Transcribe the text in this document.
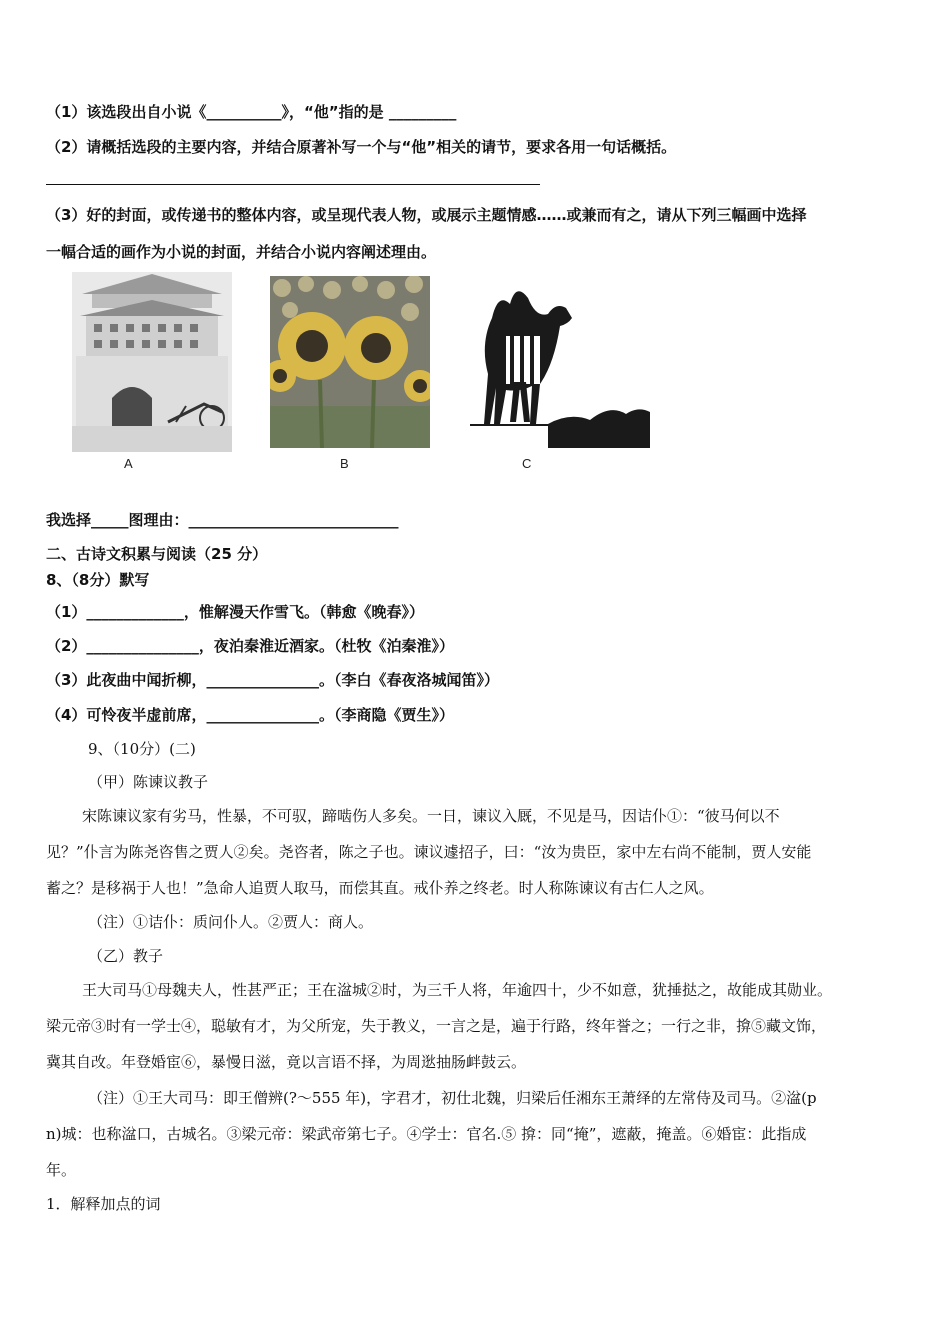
（1）该选段出自小说《__________》，“他”指的是 _________
（2）请概括选段的主要内容，并结合原著补写一个与“他”相关的请节，要求各用一句话概括。
（3）好的封面，或传递书的整体内容，或呈现代表人物，或展示主题情感……或兼而有之，请从下列三幅画中选择
一幅合适的画作为小说的封面，并结合小说内容阐述理由。
A	B	C
我选择_____图理由：____________________________
二、古诗文积累与阅读（25 分）
8、（8分）默写
（1）_____________，惟解漫天作雪飞。（韩愈《晚春》）
（2）_______________，夜泊秦淮近酒家。（杜牧《泊秦淮》）
（3）此夜曲中闻折柳，_______________。（李白《春夜洛城闻笛》）
（4）可怜夜半虚前席，_______________。（李商隐《贾生》）
9、（10分）(二)
（甲）陈谏议教子
宋陈谏议家有劣马，性暴，不可驭，蹄啮伤人多矣。一日，谏议入厩，不见是马，因诘仆①：“彼马何以不
见？”仆言为陈尧咨售之贾人②矣。尧咨者，陈之子也。谏议遽招子，曰：“汝为贵臣，家中左右尚不能制，贾人安能
蓄之？是移祸于人也！”急命人追贾人取马，而偿其直。戒仆养之终老。时人称陈谏议有古仁人之风。
（注）①诘仆：质问仆人。②贾人：商人。
（乙）教子
王大司马①母魏夫人，性甚严正；王在湓城②时，为三千人将，年逾四十，少不如意，犹捶挞之，故能成其勋业。
梁元帝③时有一学士④，聪敏有才，为父所宠，失于教义，一言之是，遍于行路，终年誉之；一行之非，揜⑤藏文饰，
冀其自改。年登婚宦⑥，暴慢日滋，竟以言语不择，为周逖抽肠衅鼓云。
（注）①王大司马：即王僧辨(?～555 年)，字君才，初仕北魏，归梁后任湘东王萧绎的左常侍及司马。②湓(p
n)城：也称湓口，古城名。③梁元帝：梁武帝第七子。④学士：官名.⑤ 揜：同“掩”，遮蔽，掩盖。⑥婚宦：此指成
年。
1．解释加点的词
